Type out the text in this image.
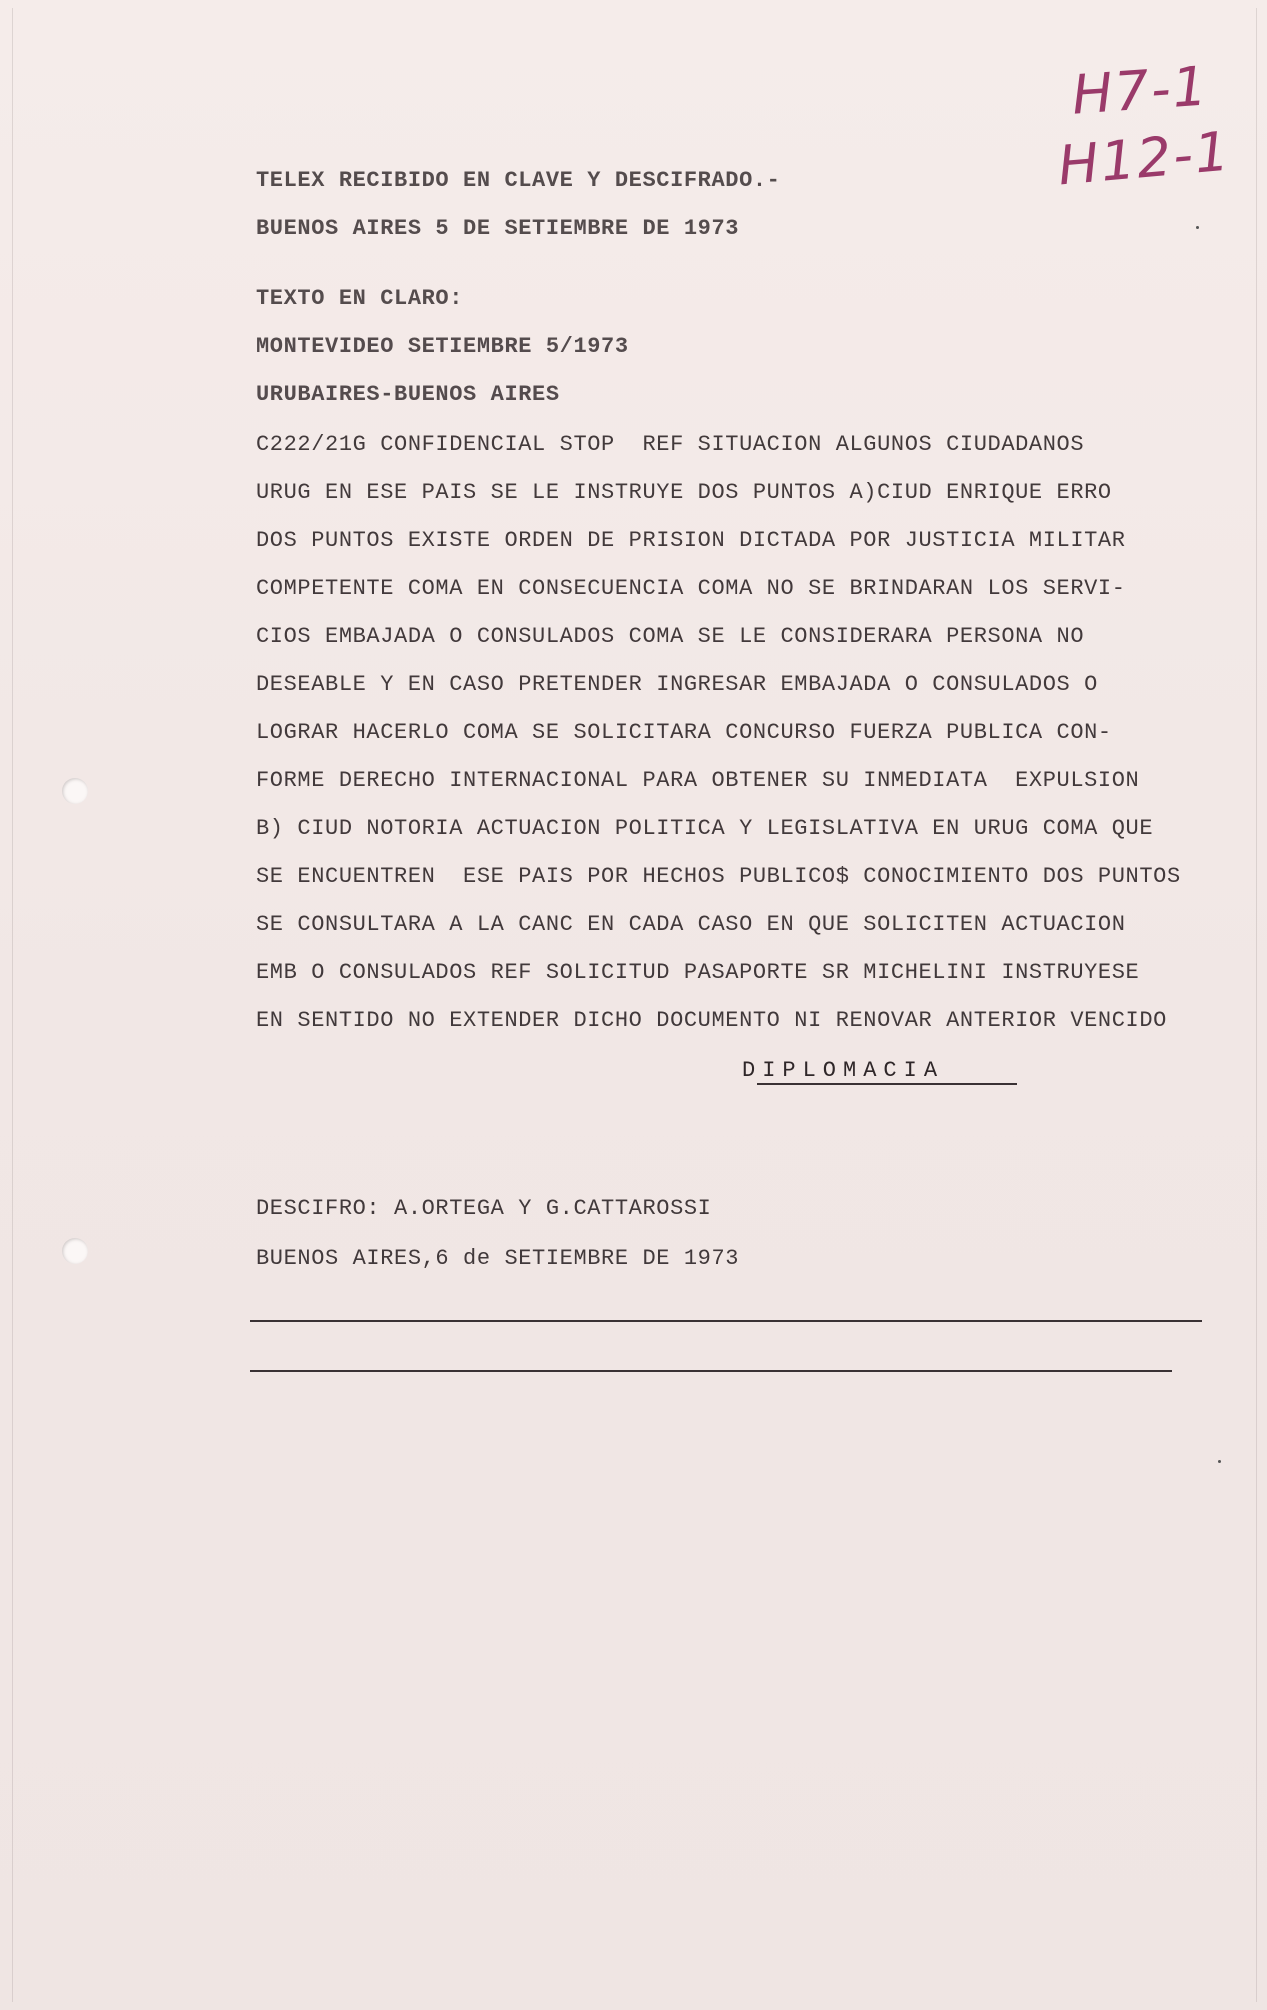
H7-1
H12-1
TELEX RECIBIDO EN CLAVE Y DESCIFRADO.-
BUENOS AIRES 5 DE SETIEMBRE DE 1973
TEXTO EN CLARO:
MONTEVIDEO SETIEMBRE 5/1973
URUBAIRES-BUENOS AIRES
C222/21G CONFIDENCIAL STOP  REF SITUACION ALGUNOS CIUDADANOS
URUG EN ESE PAIS SE LE INSTRUYE DOS PUNTOS A)CIUD ENRIQUE ERRO
DOS PUNTOS EXISTE ORDEN DE PRISION DICTADA POR JUSTICIA MILITAR
COMPETENTE COMA EN CONSECUENCIA COMA NO SE BRINDARAN LOS SERVI-
CIOS EMBAJADA O CONSULADOS COMA SE LE CONSIDERARA PERSONA NO
DESEABLE Y EN CASO PRETENDER INGRESAR EMBAJADA O CONSULADOS O
LOGRAR HACERLO COMA SE SOLICITARA CONCURSO FUERZA PUBLICA CON-
FORME DERECHO INTERNACIONAL PARA OBTENER SU INMEDIATA  EXPULSION
B) CIUD NOTORIA ACTUACION POLITICA Y LEGISLATIVA EN URUG COMA QUE
SE ENCUENTREN  ESE PAIS POR HECHOS PUBLICO$ CONOCIMIENTO DOS PUNTOS
SE CONSULTARA A LA CANC EN CADA CASO EN QUE SOLICITEN ACTUACION
EMB O CONSULADOS REF SOLICITUD PASAPORTE SR MICHELINI INSTRUYESE
EN SENTIDO NO EXTENDER DICHO DOCUMENTO NI RENOVAR ANTERIOR VENCIDO
DIPLOMACIA
DESCIFRO: A.ORTEGA Y G.CATTAROSSI
BUENOS AIRES,6 de SETIEMBRE DE 1973
